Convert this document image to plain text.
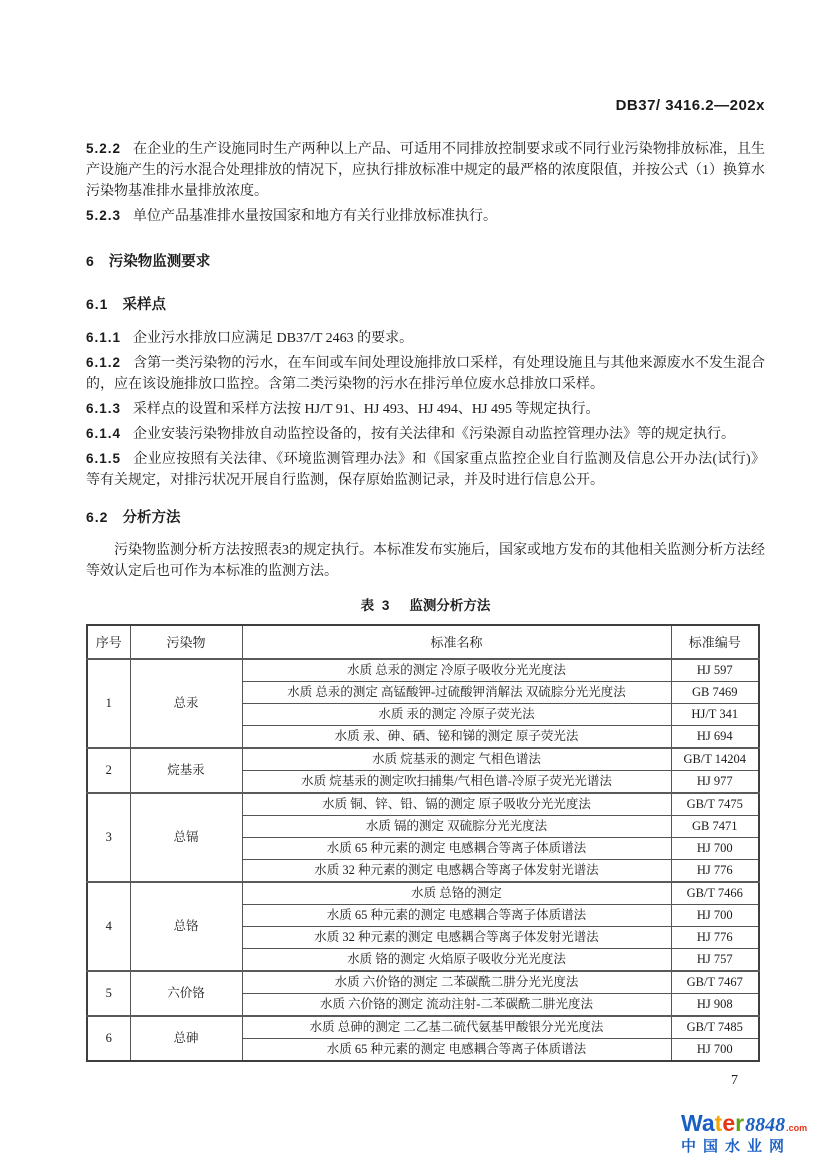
DB37/ 3416.2—202x

5.2.2 在企业的生产设施同时生产两种以上产品、可适用不同排放控制要求或不同行业污染物排放标准，且生产设施产生的污水混合处理排放的情况下，应执行排放标准中规定的最严格的浓度限值，并按公式（1）换算水污染物基准排水量排放浓度。

5.2.3 单位产品基准排水量按国家和地方有关行业排放标准执行。

6 污染物监测要求
6.1 采样点

6.1.1 企业污水排放口应满足 DB37/T 2463 的要求。

6.1.2 含第一类污染物的污水，在车间或车间处理设施排放口采样，有处理设施且与其他来源废水不发生混合的，应在该设施排放口监控。含第二类污染物的污水在排污单位废水总排放口采样。

6.1.3 采样点的设置和采样方法按 HJ/T 91、HJ 493、HJ 494、HJ 495 等规定执行。

6.1.4 企业安装污染物排放自动监控设备的，按有关法律和《污染源自动监控管理办法》等的规定执行。

6.1.5 企业应按照有关法律、《环境监测管理办法》和《国家重点监控企业自行监测及信息公开办法(试行)》等有关规定，对排污状况开展自行监测，保存原始监测记录，并及时进行信息公开。

6.2 分析方法

污染物监测分析方法按照表3的规定执行。本标准发布实施后，国家或地方发布的其他相关监测分析方法经等效认定后也可作为本标准的监测方法。

表 3 监测分析方法
序号	污染物	标准名称	标准编号
1	总汞	水质 总汞的测定 冷原子吸收分光光度法	HJ 597
		水质 总汞的测定 高锰酸钾-过硫酸钾消解法 双硫腙分光光度法	GB 7469
		水质 汞的测定 冷原子荧光法	HJ/T 341
		水质 汞、砷、硒、铋和锑的测定 原子荧光法	HJ 694
2	烷基汞	水质 烷基汞的测定 气相色谱法	GB/T 14204
		水质 烷基汞的测定吹扫捕集/气相色谱-冷原子荧光光谱法	HJ 977
3	总镉	水质 铜、锌、铅、镉的测定 原子吸收分光光度法	GB/T 7475
		水质 镉的测定 双硫腙分光光度法	GB 7471
		水质 65 种元素的测定 电感耦合等离子体质谱法	HJ 700
		水质 32 种元素的测定 电感耦合等离子体发射光谱法	HJ 776
4	总铬	水质 总铬的测定	GB/T 7466
		水质 65 种元素的测定 电感耦合等离子体质谱法	HJ 700
		水质 32 种元素的测定 电感耦合等离子体发射光谱法	HJ 776
		水质 铬的测定 火焰原子吸收分光光度法	HJ 757
5	六价铬	水质 六价铬的测定 二苯碳酰二肼分光光度法	GB/T 7467
		水质 六价铬的测定 流动注射-二苯碳酰二肼光度法	HJ 908
6	总砷	水质 总砷的测定 二乙基二硫代氨基甲酸银分光光度法	GB/T 7485
		水质 65 种元素的测定 电感耦合等离子体质谱法	HJ 700
7
Water 8848 .com
中国水业网
